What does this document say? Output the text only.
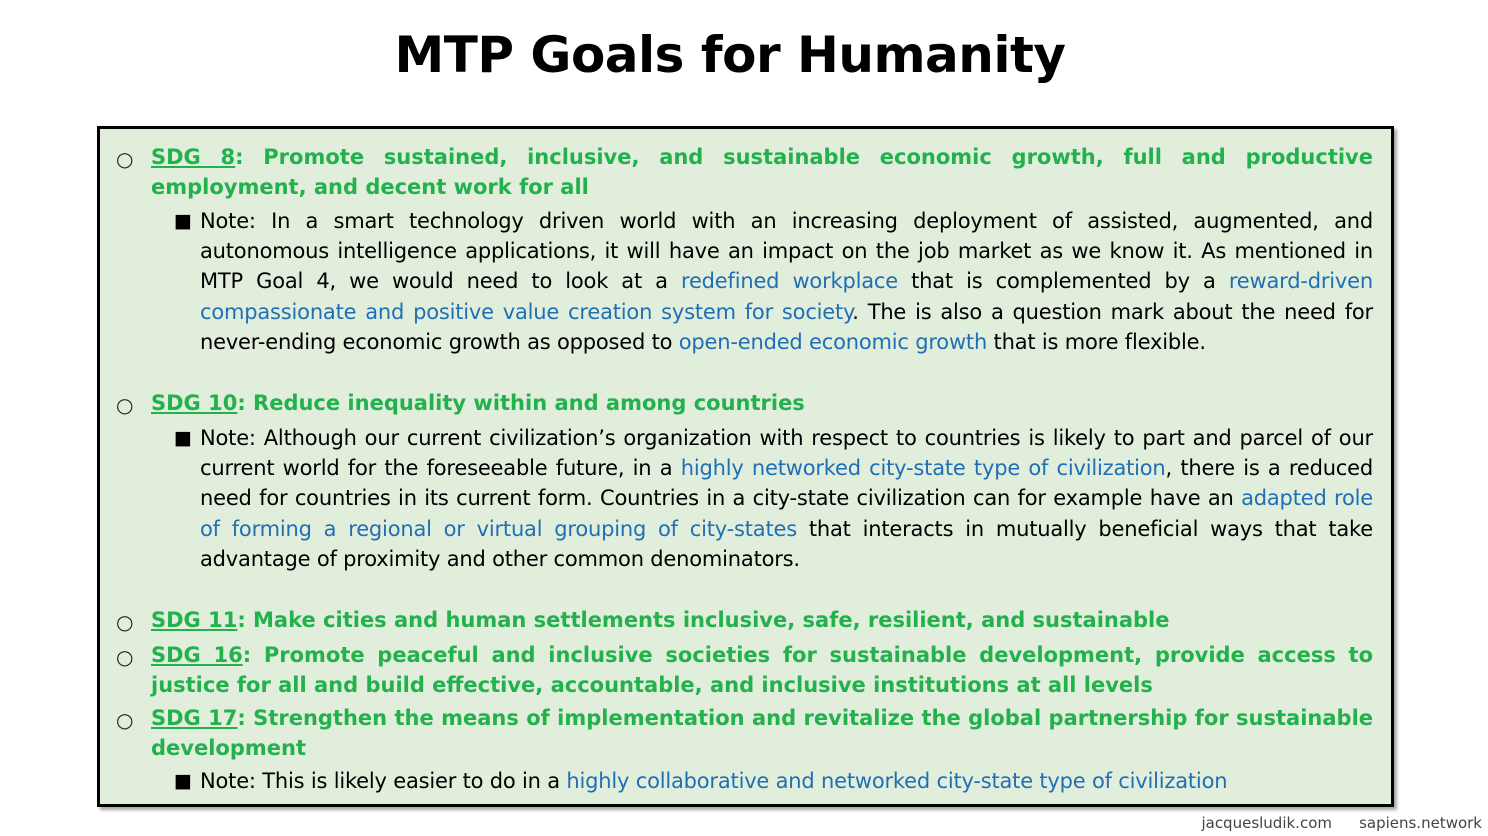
MTP Goals for Humanity
○ SDG 8: Promote sustained, inclusive, and sustainable economic growth, full and productive employment, and decent work for all
■ Note: In a smart technology driven world with an increasing deployment of assisted, augmented, and autonomous intelligence applications, it will have an impact on the job market as we know it. As mentioned in MTP Goal 4, we would need to look at a redefined workplace that is complemented by a reward-driven compassionate and positive value creation system for society. The is also a question mark about the need for never-ending economic growth as opposed to open-ended economic growth that is more flexible.
○ SDG 10: Reduce inequality within and among countries
■ Note: Although our current civilization’s organization with respect to countries is likely to part and parcel of our current world for the foreseeable future, in a highly networked city-state type of civilization, there is a reduced need for countries in its current form. Countries in a city-state civilization can for example have an adapted role of forming a regional or virtual grouping of city-states that interacts in mutually beneficial ways that take advantage of proximity and other common denominators.
○ SDG 11: Make cities and human settlements inclusive, safe, resilient, and sustainable
○ SDG 16: Promote peaceful and inclusive societies for sustainable development, provide access to justice for all and build effective, accountable, and inclusive institutions at all levels
○ SDG 17: Strengthen the means of implementation and revitalize the global partnership for sustainable development
■ Note: This is likely easier to do in a highly collaborative and networked city-state type of civilization
jacquesludik.com sapiens.network
